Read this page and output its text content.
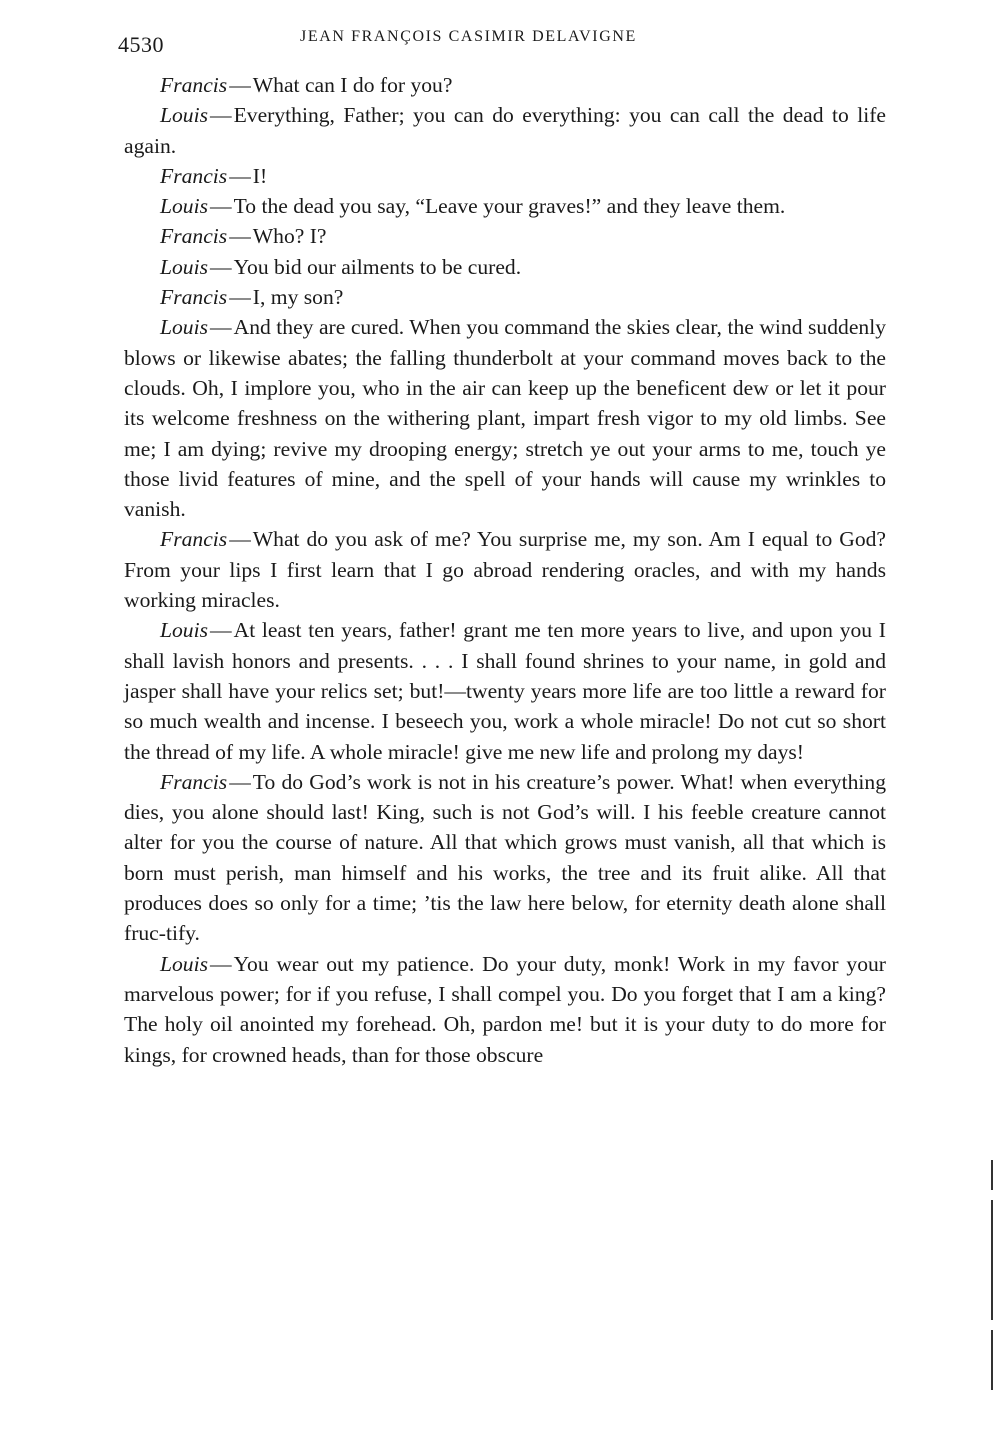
4530	JEAN FRANÇOIS CASIMIR DELAVIGNE

Francis—What can I do for you?

Louis—Everything, Father; you can do everything: you can call the dead to life again.

Francis—I!

Louis—To the dead you say, “Leave your graves!” and they leave them.

Francis—Who? I?

Louis—You bid our ailments to be cured.

Francis—I, my son?

Louis—And they are cured. When you command the skies clear, the wind suddenly blows or likewise abates; the falling thunderbolt at your command moves back to the clouds. Oh, I implore you, who in the air can keep up the beneficent dew or let it pour its welcome freshness on the withering plant, impart fresh vigor to my old limbs. See me; I am dying; revive my drooping energy; stretch ye out your arms to me, touch ye those livid features of mine, and the spell of your hands will cause my wrinkles to vanish.

Francis—What do you ask of me? You surprise me, my son. Am I equal to God? From your lips I first learn that I go abroad rendering oracles, and with my hands working miracles.

Louis—At least ten years, father! grant me ten more years to live, and upon you I shall lavish honors and presents. . . . I shall found shrines to your name, in gold and jasper shall have your relics set; but!—twenty years more life are too little a reward for so much wealth and incense. I beseech you, work a whole miracle! Do not cut so short the thread of my life. A whole miracle! give me new life and prolong my days!

Francis—To do God’s work is not in his creature’s power. What! when everything dies, you alone should last! King, such is not God’s will. I his feeble creature cannot alter for you the course of nature. All that which grows must vanish, all that which is born must perish, man himself and his works, the tree and its fruit alike. All that produces does so only for a time; ’tis the law here below, for eternity death alone shall fruc-tify.

Louis—You wear out my patience. Do your duty, monk! Work in my favor your marvelous power; for if you refuse, I shall compel you. Do you forget that I am a king? The holy oil anointed my forehead. Oh, pardon me! but it is your duty to do more for kings, for crowned heads, than for those obscure
